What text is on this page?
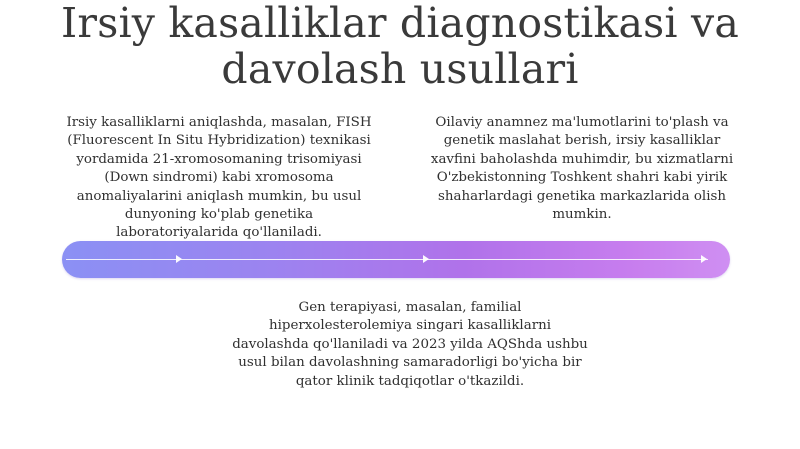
Irsiy kasalliklar diagnostikasi va davolash usullari
Irsiy kasalliklarni aniqlashda, masalan, FISH (Fluorescent In Situ Hybridization) texnikasi yordamida 21-xromosomaning trisomiyasi (Down sindromi) kabi xromosoma anomaliyalarini aniqlash mumkin, bu usul dunyoning ko'plab genetika laboratoriyalarida qo'llaniladi.
Oilaviy anamnez ma'lumotlarini to'plash va genetik maslahat berish, irsiy kasalliklar xavfini baholashda muhimdir, bu xizmatlarni O'zbekistonning Toshkent shahri kabi yirik shaharlardagi genetika markazlarida olish mumkin.
Gen terapiyasi, masalan, familial hiperxolesterolemiya singari kasalliklarni davolashda qo'llaniladi va 2023 yilda AQShda ushbu usul bilan davolashning samaradorligi bo'yicha bir qator klinik tadqiqotlar o'tkazildi.
